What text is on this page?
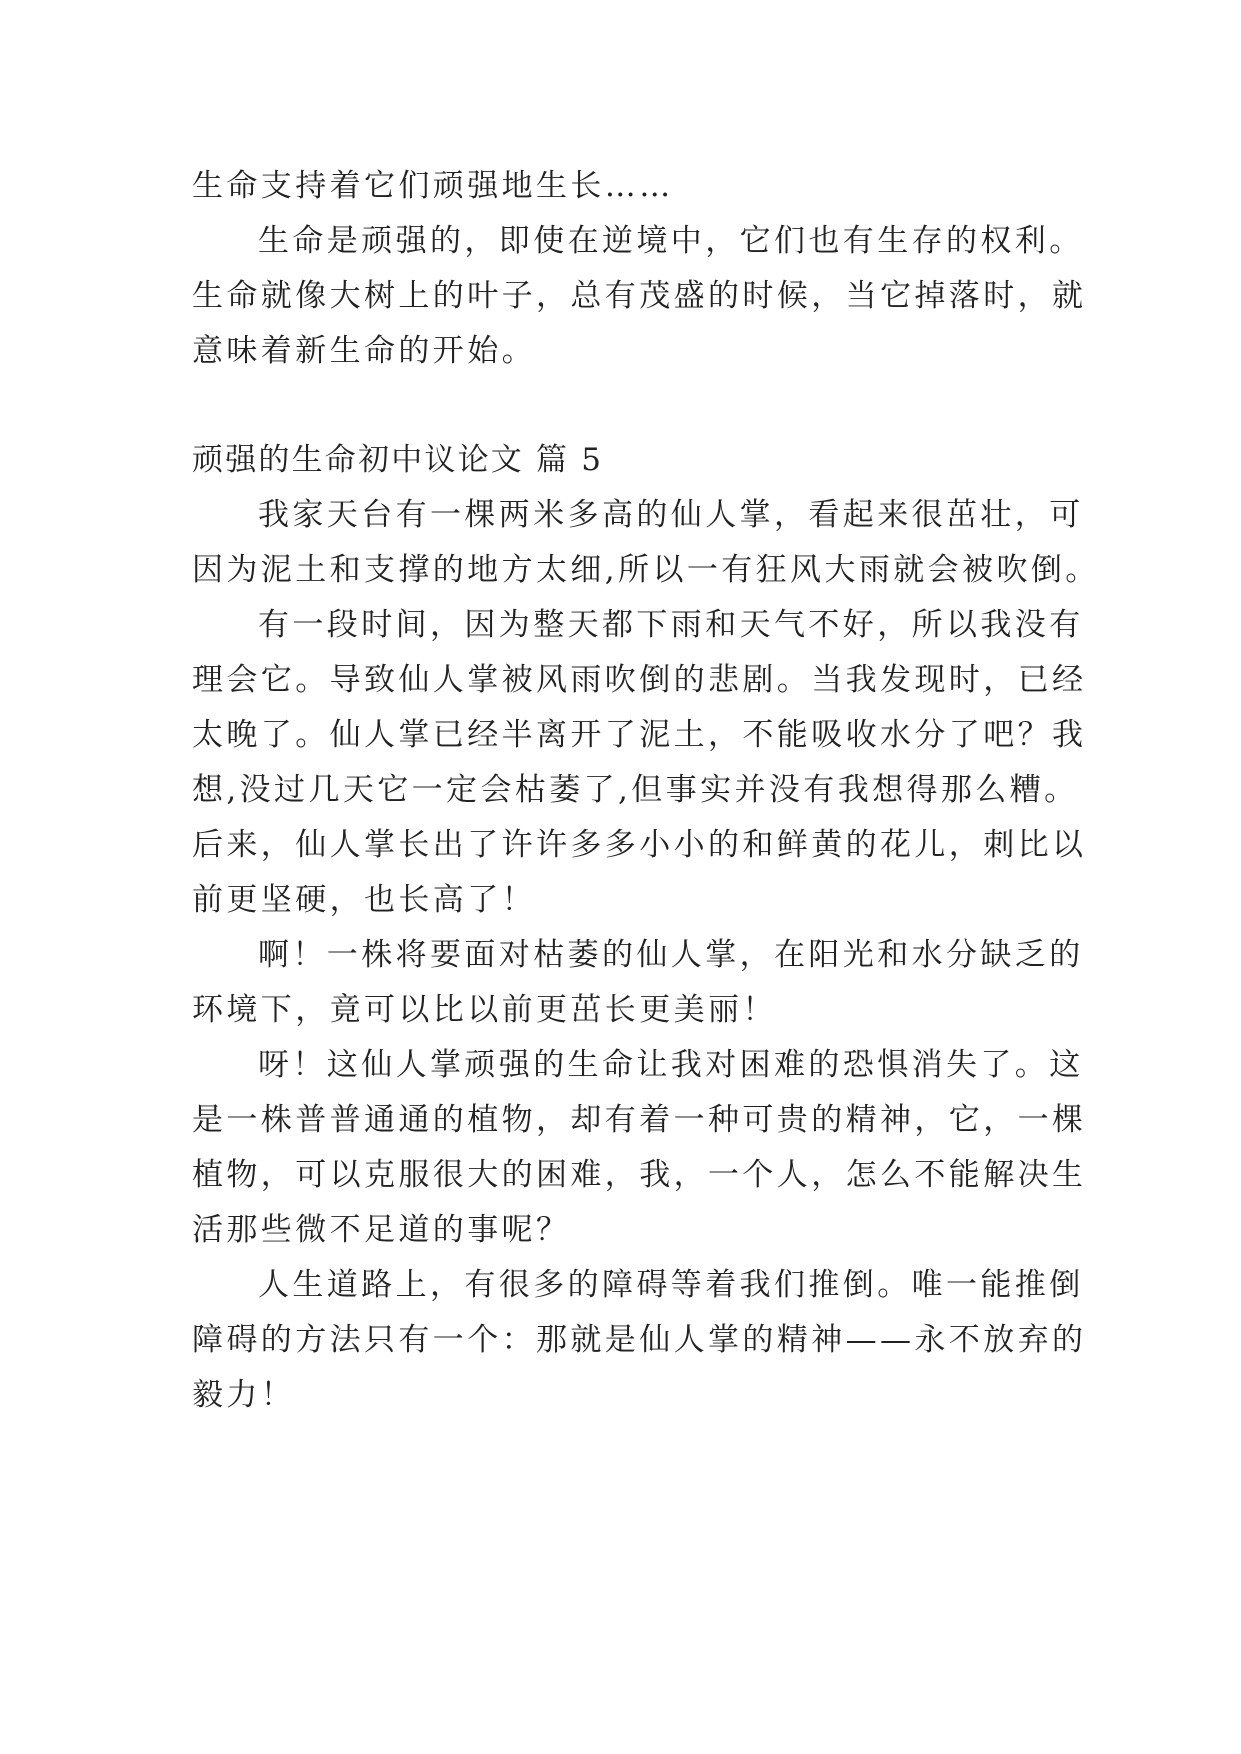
生命支持着它们顽强地生长……

生命是顽强的，即使在逆境中，它们也有生存的权利。

生命就像大树上的叶子，总有茂盛的时候，当它掉落时，就

意味着新生命的开始。

顽强的生命初中议论文 篇 5

我家天台有一棵两米多高的仙人掌，看起来很茁壮，可

因为泥土和支撑的地方太细,所以一有狂风大雨就会被吹倒。

有一段时间，因为整天都下雨和天气不好，所以我没有

理会它。导致仙人掌被风雨吹倒的悲剧。当我发现时，已经

太晚了。仙人掌已经半离开了泥土，不能吸收水分了吧？我

想,没过几天它一定会枯萎了,但事实并没有我想得那么糟。

后来，仙人掌长出了许许多多小小的和鲜黄的花儿，刺比以

前更坚硬，也长高了！

啊！一株将要面对枯萎的仙人掌，在阳光和水分缺乏的

环境下，竟可以比以前更茁长更美丽！

呀！这仙人掌顽强的生命让我对困难的恐惧消失了。这

是一株普普通通的植物，却有着一种可贵的精神，它，一棵

植物，可以克服很大的困难，我，一个人，怎么不能解决生

活那些微不足道的事呢？

人生道路上，有很多的障碍等着我们推倒。唯一能推倒

障碍的方法只有一个：那就是仙人掌的精神——永不放弃的

毅力！
